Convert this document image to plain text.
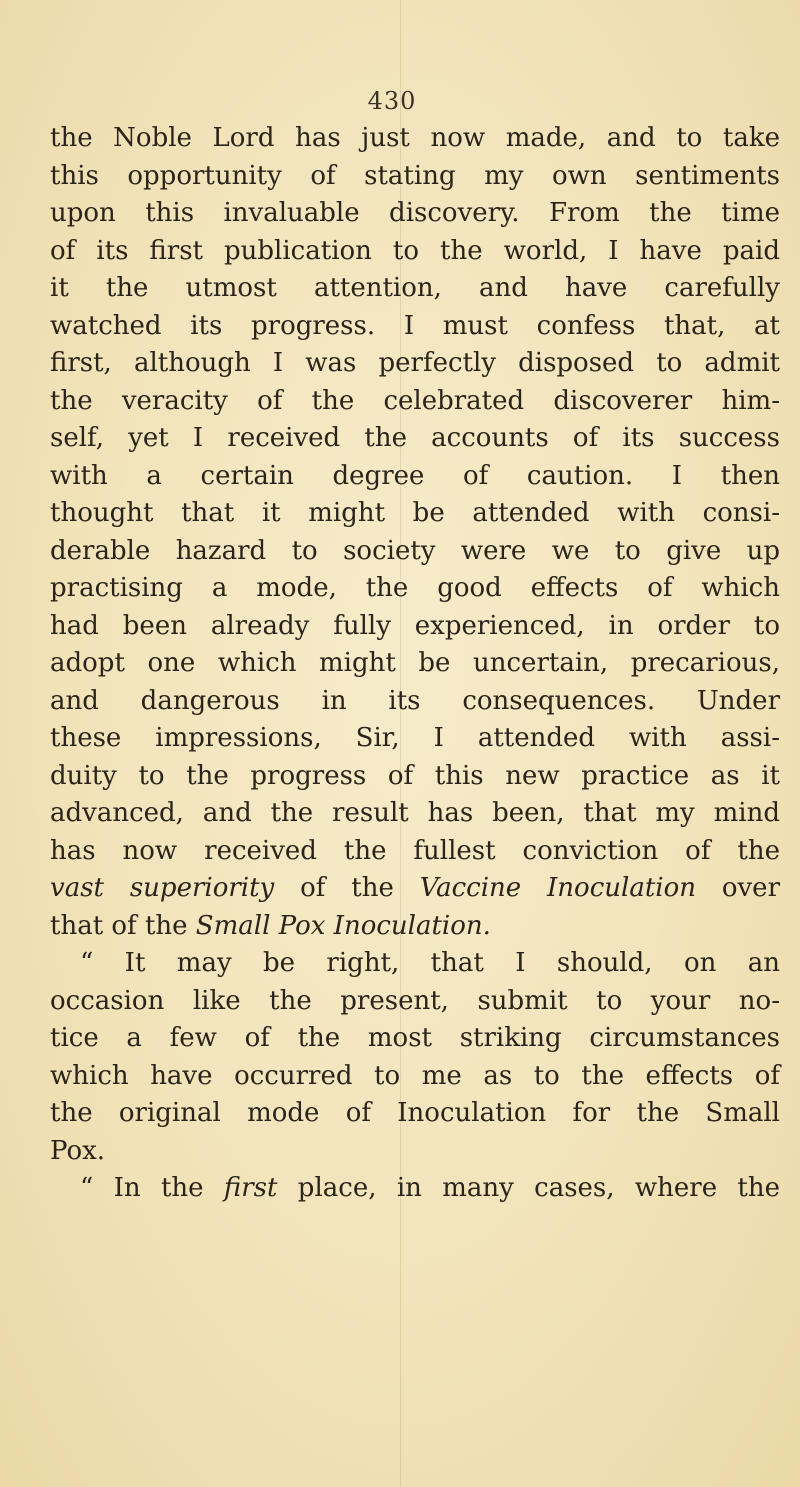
430
the Noble Lord has just now made, and to take
this opportunity of stating my own sentiments
upon this invaluable discovery. From the time
of its first publication to the world, I have paid
it the utmost attention, and have carefully
watched its progress. I must confess that, at
first, although I was perfectly disposed to admit
the veracity of the celebrated discoverer him-
self, yet I received the accounts of its success
with a certain degree of caution. I then
thought that it might be attended with consi-
derable hazard to society were we to give up
practising a mode, the good effects of which
had been already fully experienced, in order to
adopt one which might be uncertain, precarious,
and dangerous in its consequences. Under
these impressions, Sir, I attended with assi-
duity to the progress of this new practice as it
advanced, and the result has been, that my mind
has now received the fullest conviction of the
vast superiority of the Vaccine Inoculation over
that of the Small Pox Inoculation.
“ It may be right, that I should, on an
occasion like the present, submit to your no-
tice a few of the most striking circumstances
which have occurred to me as to the effects of
the original mode of Inoculation for the Small
Pox.
“ In the first place, in many cases, where the
